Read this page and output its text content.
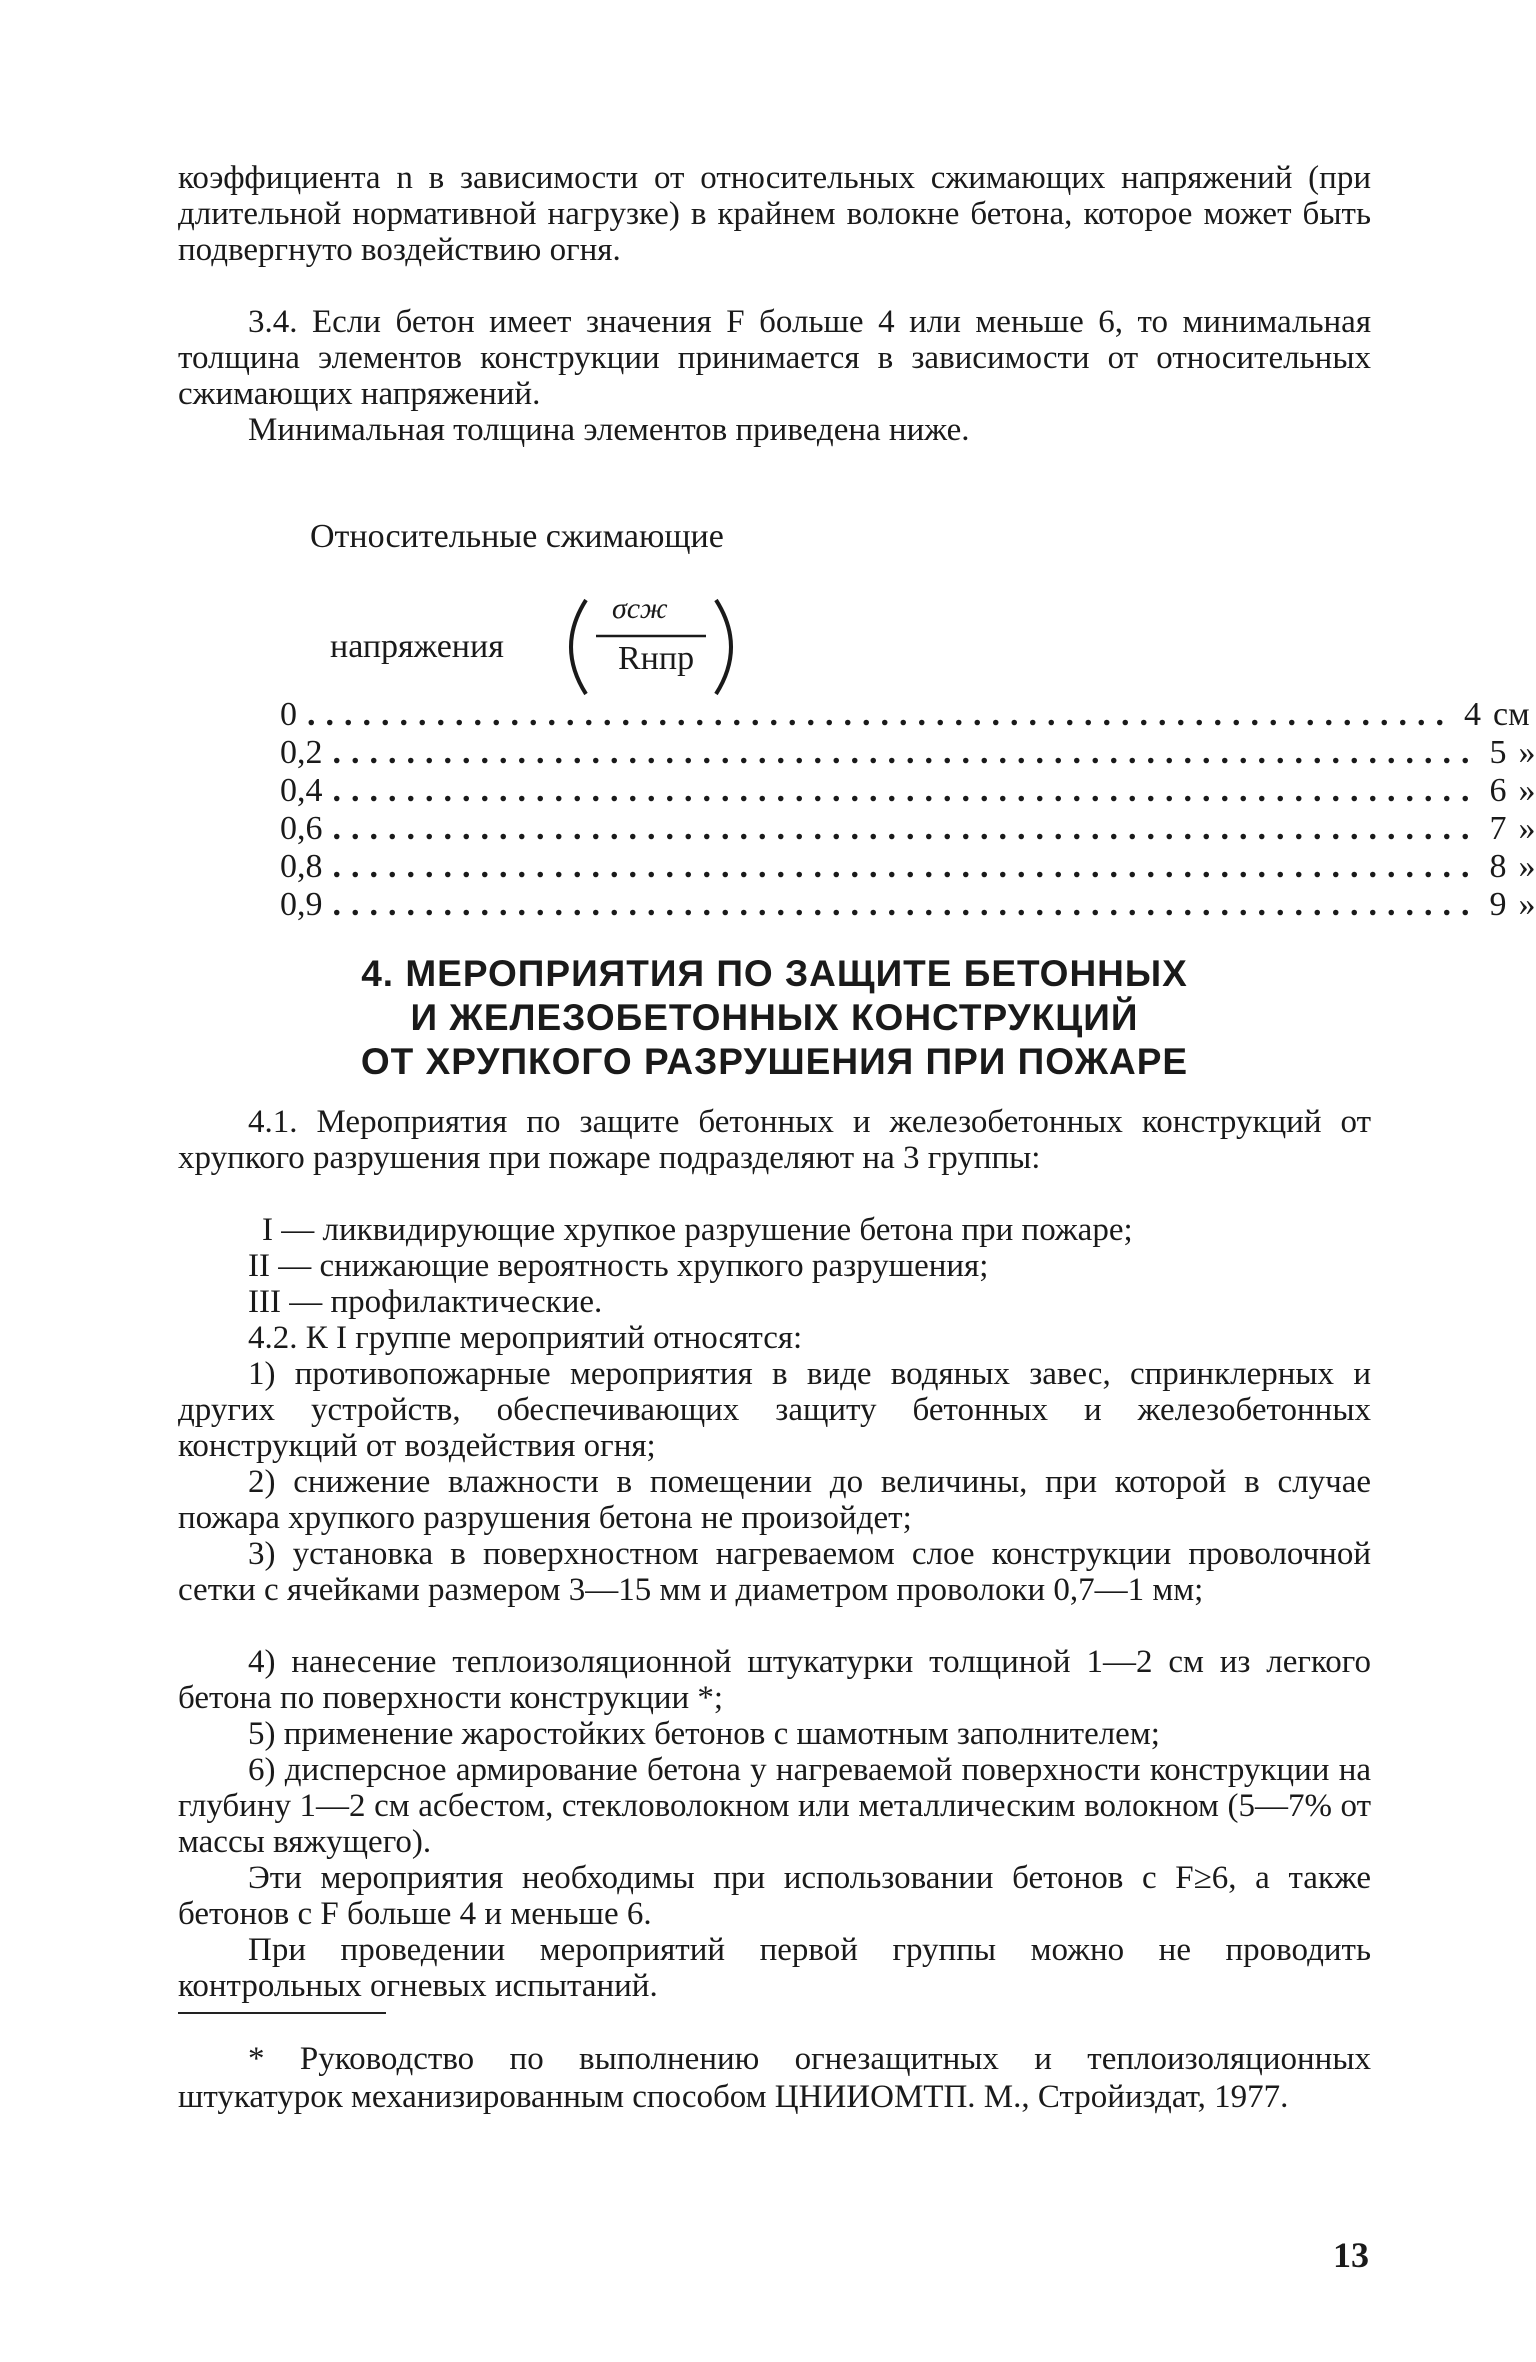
коэффициента n в зависимости от относительных сжимающих напряжений (при длительной нормативной нагрузке) в крайнем волокне бетона, которое может быть подвергнуто воздействию огня.

3.4. Если бетон имеет значения F больше 4 или меньше 6, то минимальная толщина элементов конструкции принимается в зависимости от относительных сжимающих напряжений.

Минимальная толщина элементов приведена ниже.

Относительные сжимающие
напряжения
σсж
Rнпр
0 .............................................................. 4 см
0,2 .............................................................. 5 »
0,4 .............................................................. 6 »
0,6 .............................................................. 7 »
0,8 .............................................................. 8 »
0,9 .............................................................. 9 »
4. МЕРОПРИЯТИЯ ПО ЗАЩИТЕ БЕТОННЫХ
И ЖЕЛЕЗОБЕТОННЫХ КОНСТРУКЦИЙ
ОТ ХРУПКОГО РАЗРУШЕНИЯ ПРИ ПОЖАРЕ

4.1. Мероприятия по защите бетонных и железобетонных конструкций от хрупкого разрушения при пожаре подразделяют на 3 группы:

I — ликвидирующие хрупкое разрушение бетона при пожаре;

II — снижающие вероятность хрупкого разрушения;

III — профилактические.

4.2. К I группе мероприятий относятся:

1) противопожарные мероприятия в виде водяных завес, спринклерных и других устройств, обеспечивающих защиту бетонных и железобетонных конструкций от воздействия огня;

2) снижение влажности в помещении до величины, при которой в случае пожара хрупкого разрушения бетона не произойдет;

3) установка в поверхностном нагреваемом слое конструкции проволочной сетки с ячейками размером 3—15 мм и диаметром проволоки 0,7—1 мм;

4) нанесение теплоизоляционной штукатурки толщиной 1—2 см из легкого бетона по поверхности конструкции *;

5) применение жаростойких бетонов с шамотным заполнителем;

6) дисперсное армирование бетона у нагреваемой поверхности конструкции на глубину 1—2 см асбестом, стекловолокном или металлическим волокном (5—7% от массы вяжущего).

Эти мероприятия необходимы при использовании бетонов с F≥6, а также бетонов с F больше 4 и меньше 6.

При проведении мероприятий первой группы можно не проводить контрольных огневых испытаний.

* Руководство по выполнению огнезащитных и теплоизоляционных штукатурок механизированным способом ЦНИИОМТП. М., Стройиздат, 1977.

13
